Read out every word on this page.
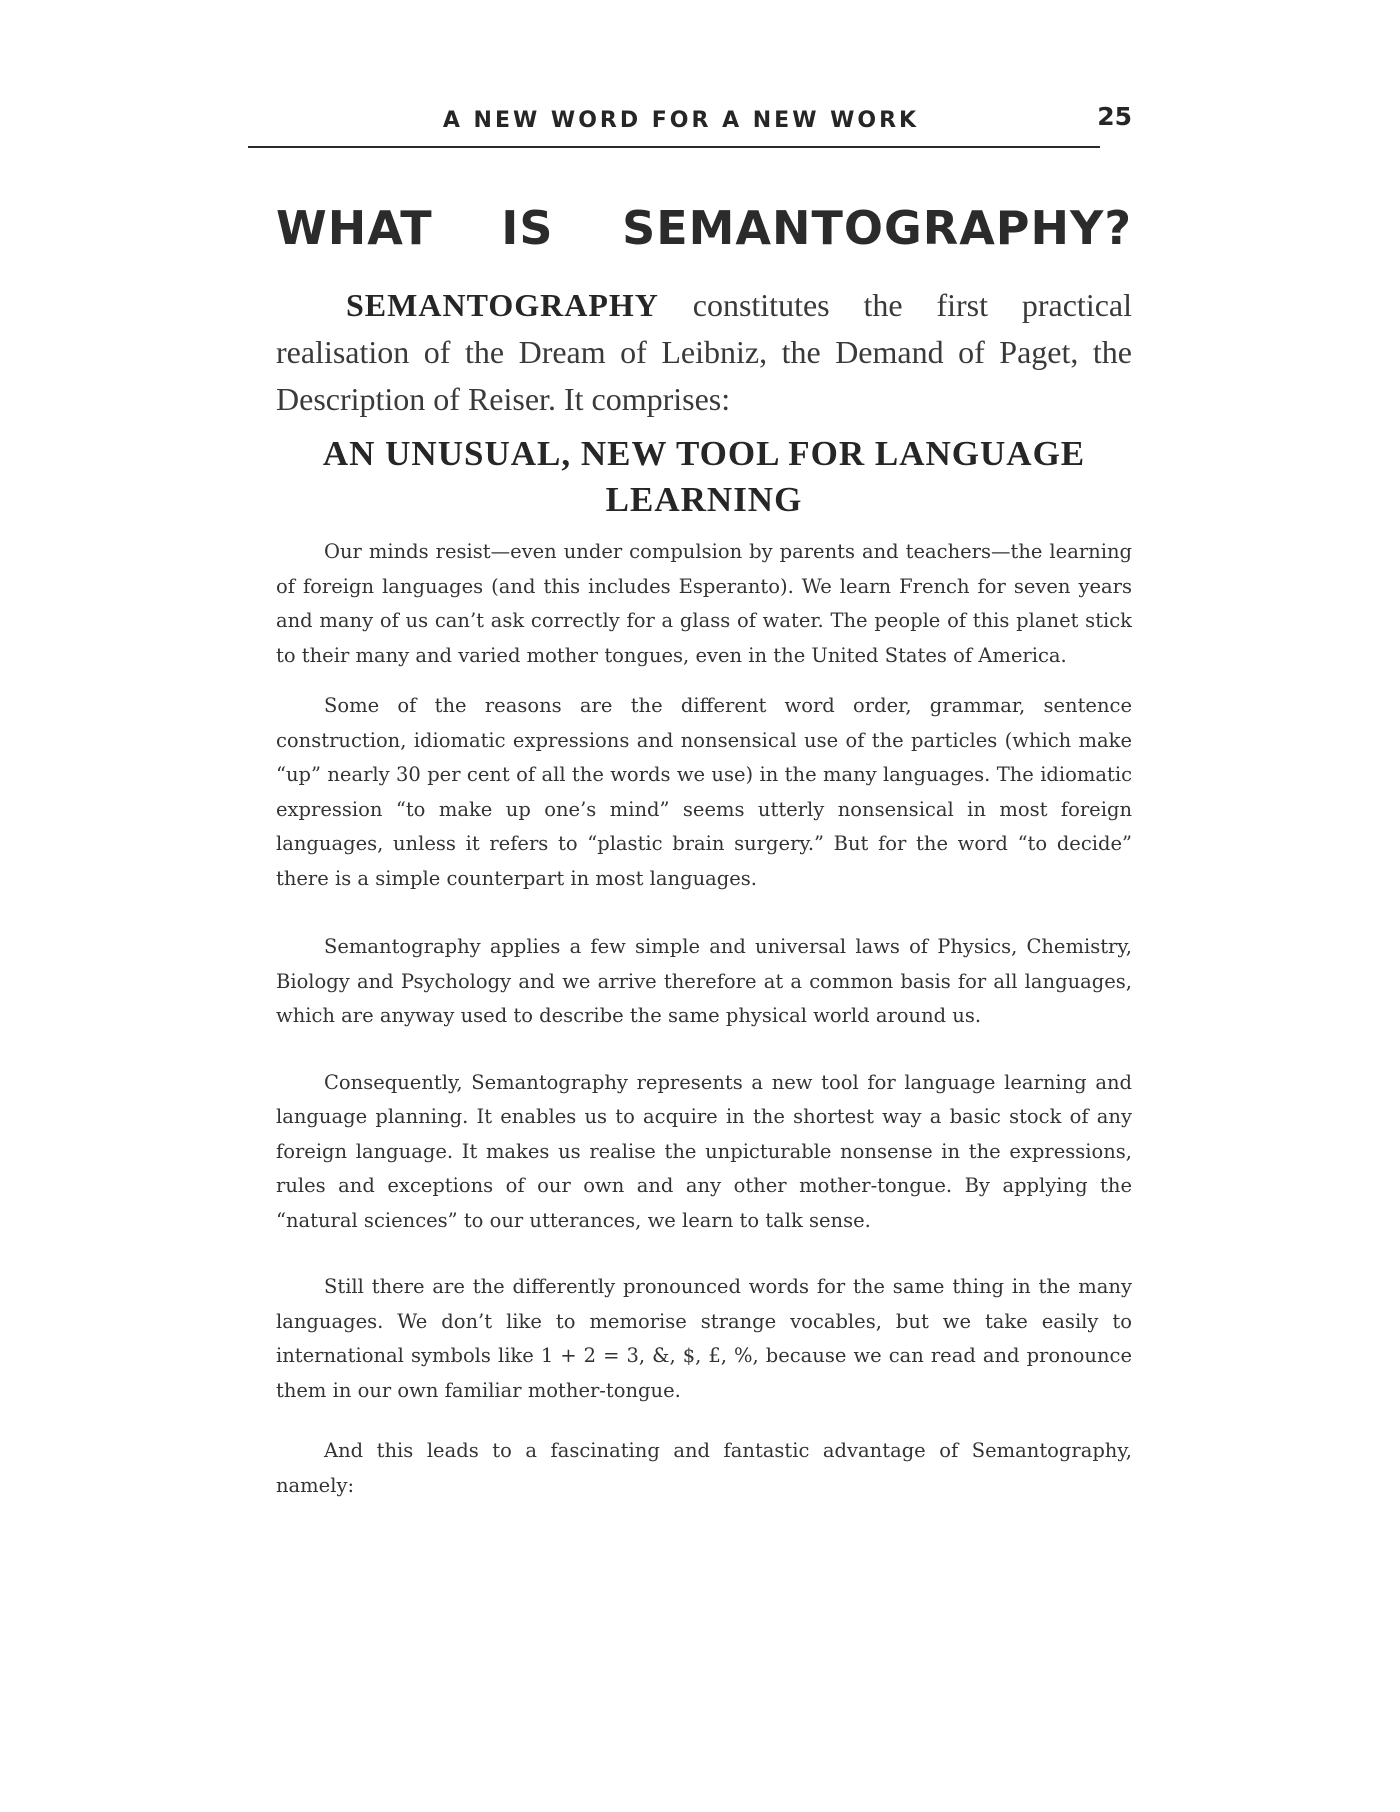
A NEW WORD FOR A NEW WORK	25
WHAT IS SEMANTOGRAPHY?

SEMANTOGRAPHY constitutes the first practical realisation of the Dream of Leibniz, the Demand of Paget, the Description of Reiser. It comprises:

AN UNUSUAL, NEW TOOL FOR LANGUAGE LEARNING

Our minds resist—even under compulsion by parents and teachers—the learning of foreign languages (and this includes Esperanto). We learn French for seven years and many of us can’t ask correctly for a glass of water. The people of this planet stick to their many and varied mother tongues, even in the United States of America.

Some of the reasons are the different word order, grammar, sentence construction, idiomatic expressions and nonsensical use of the particles (which make “up” nearly 30 per cent of all the words we use) in the many languages. The idiomatic expression “to make up one’s mind” seems utterly nonsensical in most foreign languages, unless it refers to “plastic brain surgery.” But for the word “to decide” there is a simple counterpart in most languages.

Semantography applies a few simple and universal laws of Physics, Chemistry, Biology and Psychology and we arrive therefore at a common basis for all languages, which are anyway used to describe the same physical world around us.

Consequently, Semantography represents a new tool for language learning and language planning. It enables us to acquire in the shortest way a basic stock of any foreign language. It makes us realise the unpicturable nonsense in the expressions, rules and exceptions of our own and any other mother-tongue. By applying the “natural sciences” to our utterances, we learn to talk sense.

Still there are the differently pronounced words for the same thing in the many languages. We don’t like to memorise strange vocables, but we take easily to international symbols like 1 + 2 = 3, &, $, £, %, because we can read and pronounce them in our own familiar mother-tongue.

And this leads to a fascinating and fantastic advantage of Semantography, namely:
